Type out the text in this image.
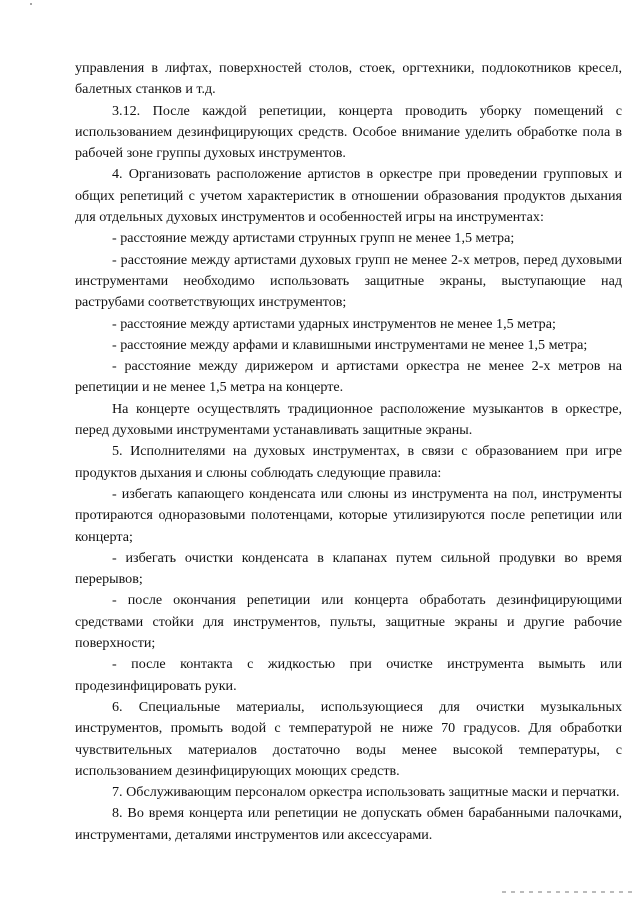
управления в лифтах, поверхностей столов, стоек, оргтехники, подлокотников кресел, балетных станков и т.д.

3.12. После каждой репетиции, концерта проводить уборку помещений с использованием дезинфицирующих средств. Особое внимание уделить обработке пола в рабочей зоне группы духовых инструментов.

4. Организовать расположение артистов в оркестре при проведении групповых и общих репетиций с учетом характеристик в отношении образования продуктов дыхания для отдельных духовых инструментов и особенностей игры на инструментах:

- расстояние между артистами струнных групп не менее 1,5 метра;

- расстояние между артистами духовых групп не менее 2-х метров, перед духовыми инструментами необходимо использовать защитные экраны, выступающие над раструбами соответствующих инструментов;

- расстояние между артистами ударных инструментов не менее 1,5 метра;

- расстояние между арфами и клавишными инструментами не менее 1,5 метра;

- расстояние между дирижером и артистами оркестра не менее 2-х метров на репетиции и не менее 1,5 метра на концерте.

На концерте осуществлять традиционное расположение музыкантов в оркестре, перед духовыми инструментами устанавливать защитные экраны.

5. Исполнителями на духовых инструментах, в связи с образованием при игре продуктов дыхания и слюны соблюдать следующие правила:

- избегать капающего конденсата или слюны из инструмента на пол, инструменты протираются одноразовыми полотенцами, которые утилизируются после репетиции или концерта;

- избегать очистки конденсата в клапанах путем сильной продувки во время перерывов;

- после окончания репетиции или концерта обработать дезинфицирующими средствами стойки для инструментов, пульты, защитные экраны и другие рабочие поверхности;

- после контакта с жидкостью при очистке инструмента вымыть или продезинфицировать руки.

6. Специальные материалы, использующиеся для очистки музыкальных инструментов, промыть водой с температурой не ниже 70 градусов. Для обработки чувствительных материалов достаточно воды менее высокой температуры, с использованием дезинфицирующих моющих средств.

7. Обслуживающим персоналом оркестра использовать защитные маски и перчатки.

8. Во время концерта или репетиции не допускать обмен барабанными палочками, инструментами, деталями инструментов или аксессуарами.
